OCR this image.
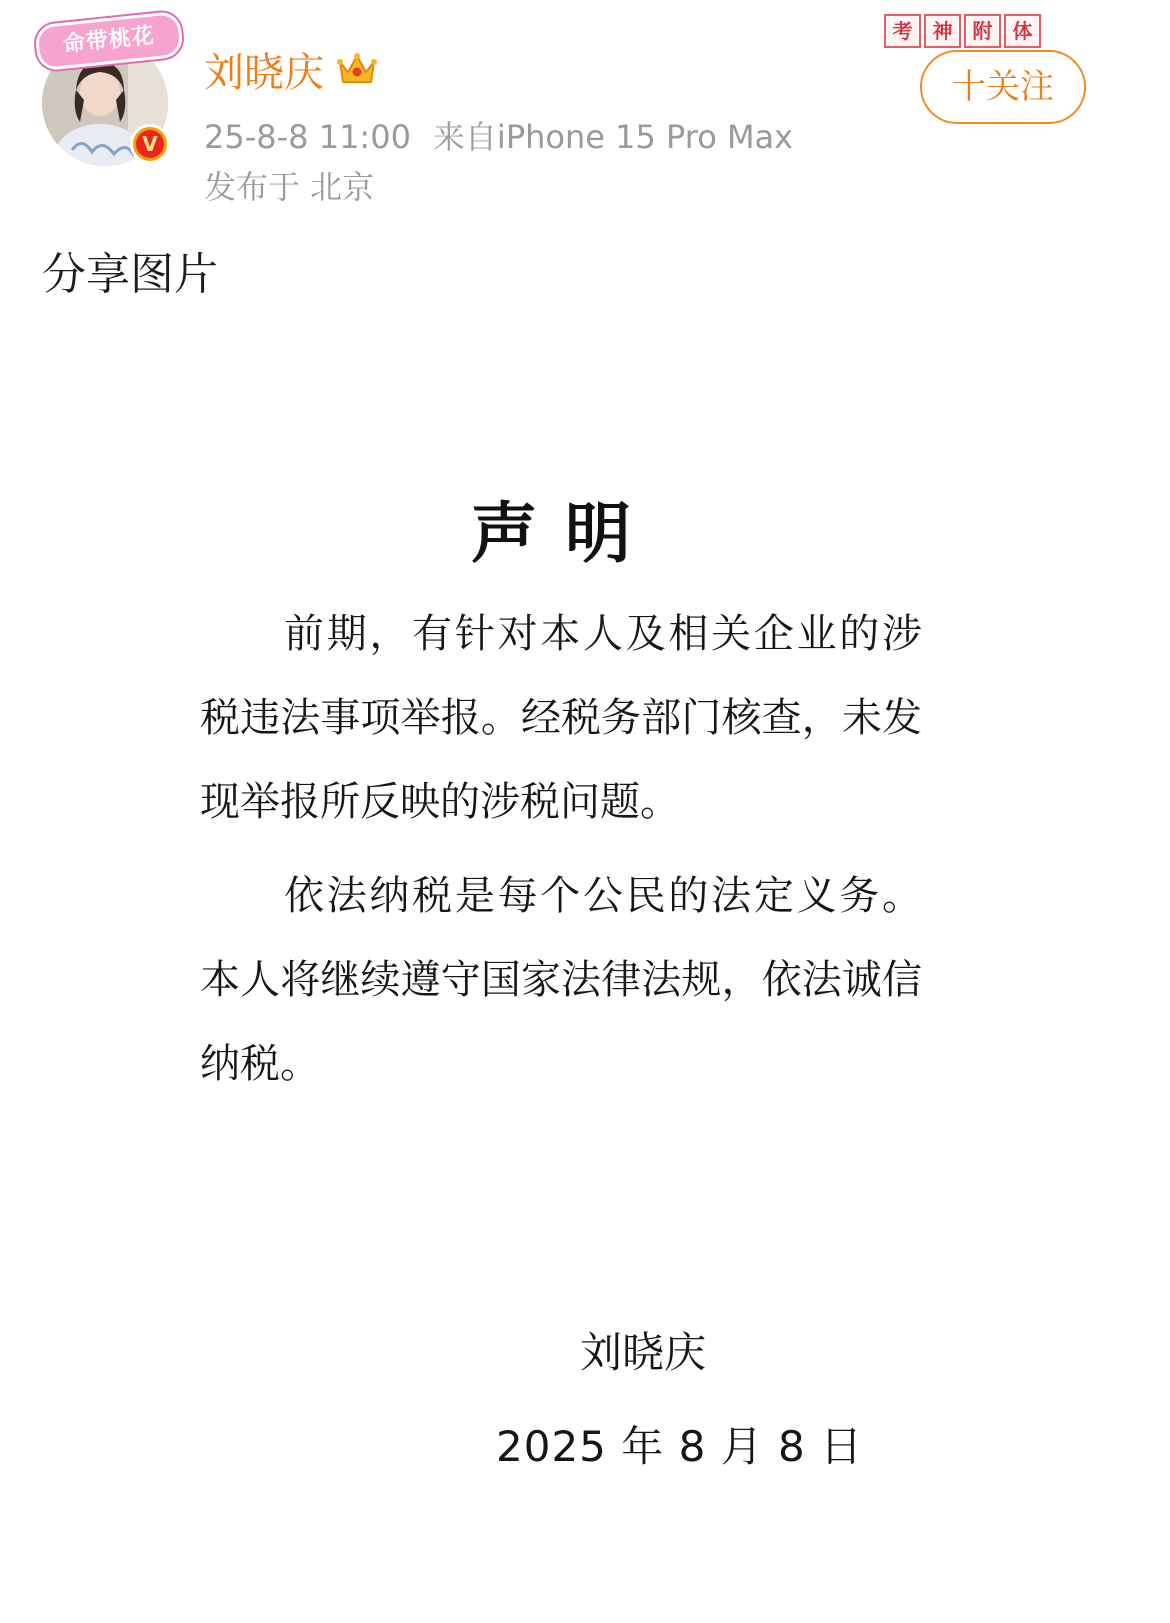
命带桃花
V
刘晓庆
25-8-8 11:00 来自iPhone 15 Pro Max
发布于 北京
考	神	附	体
十关注
分享图片
声明
前期，有针对本人及相关企业的涉税违法事项举报。经税务部门核查，未发现举报所反映的涉税问题。
依法纳税是每个公民的法定义务。本人将继续遵守国家法律法规，依法诚信纳税。
刘晓庆
2025 年 8 月 8 日
